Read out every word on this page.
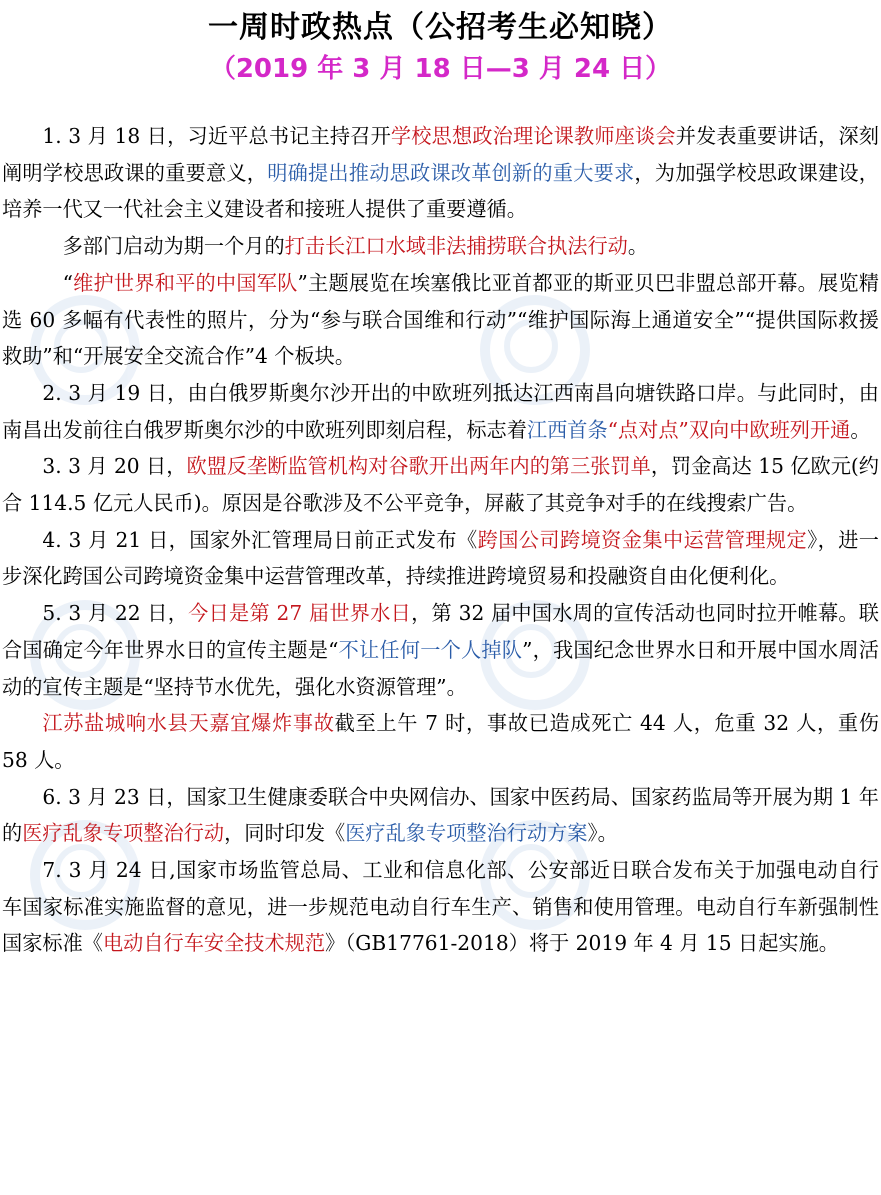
一周时政热点（公招考生必知晓）
（2019 年 3 月 18 日—3 月 24 日）

1. 3 月 18 日，习近平总书记主持召开学校思想政治理论课教师座谈会并发表重要讲话，深刻阐明学校思政课的重要意义，明确提出推动思政课改革创新的重大要求，为加强学校思政课建设，培养一代又一代社会主义建设者和接班人提供了重要遵循。

多部门启动为期一个月的打击长江口水域非法捕捞联合执法行动。

“维护世界和平的中国军队”主题展览在埃塞俄比亚首都亚的斯亚贝巴非盟总部开幕。展览精选 60 多幅有代表性的照片，分为“参与联合国维和行动”“维护国际海上通道安全”“提供国际救援救助”和“开展安全交流合作”4 个板块。

2. 3 月 19 日，由白俄罗斯奥尔沙开出的中欧班列抵达江西南昌向塘铁路口岸。与此同时，由南昌出发前往白俄罗斯奥尔沙的中欧班列即刻启程，标志着江西首条“点对点”双向中欧班列开通。

3. 3 月 20 日，欧盟反垄断监管机构对谷歌开出两年内的第三张罚单，罚金高达 15 亿欧元(约合 114.5 亿元人民币)。原因是谷歌涉及不公平竞争，屏蔽了其竞争对手的在线搜索广告。

4. 3 月 21 日，国家外汇管理局日前正式发布《跨国公司跨境资金集中运营管理规定》，进一步深化跨国公司跨境资金集中运营管理改革，持续推进跨境贸易和投融资自由化便利化。

5. 3 月 22 日，今日是第 27 届世界水日，第 32 届中国水周的宣传活动也同时拉开帷幕。联合国确定今年世界水日的宣传主题是“不让任何一个人掉队”，我国纪念世界水日和开展中国水周活动的宣传主题是“坚持节水优先，强化水资源管理”。

江苏盐城响水县天嘉宜爆炸事故截至上午 7 时，事故已造成死亡 44 人，危重 32 人，重伤 58 人。

6. 3 月 23 日，国家卫生健康委联合中央网信办、国家中医药局、国家药监局等开展为期 1 年的医疗乱象专项整治行动，同时印发《医疗乱象专项整治行动方案》。

7. 3 月 24 日,国家市场监管总局、工业和信息化部、公安部近日联合发布关于加强电动自行车国家标准实施监督的意见，进一步规范电动自行车生产、销售和使用管理。电动自行车新强制性国家标准《电动自行车安全技术规范》（GB17761-2018）将于 2019 年 4 月 15 日起实施。
